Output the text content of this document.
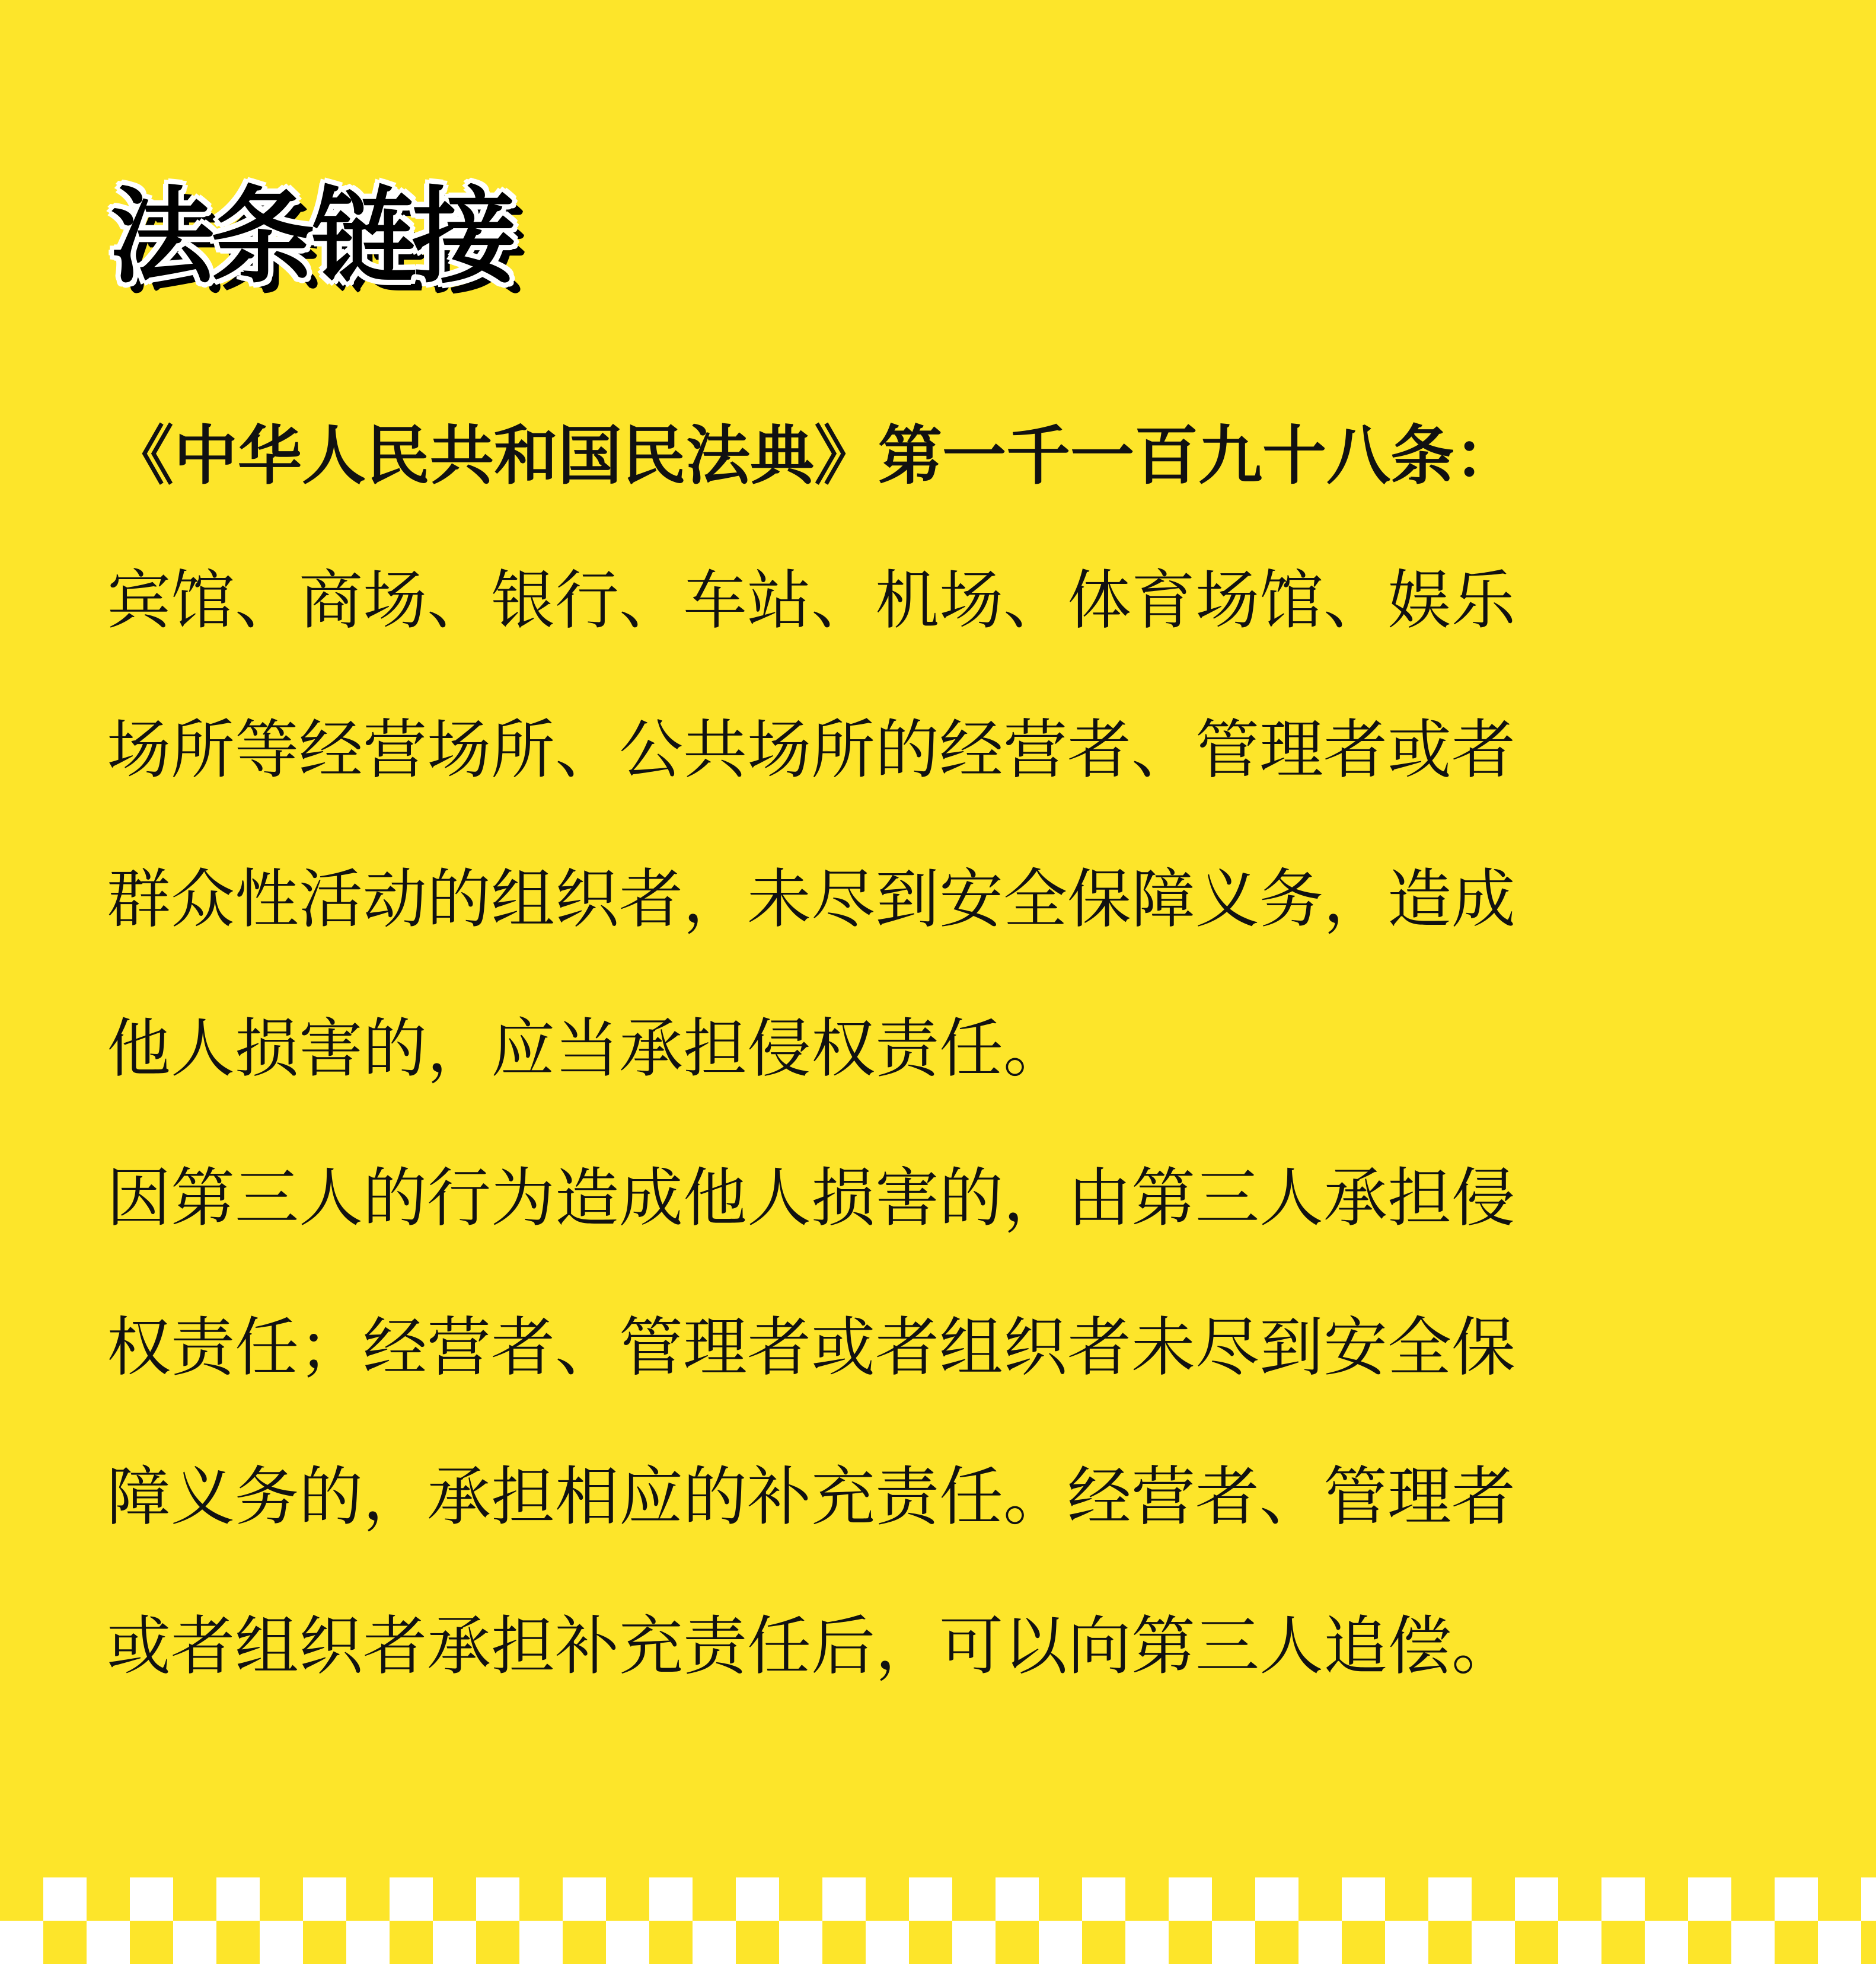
法条链接

《中华人民共和国民法典》第一千一百九十八条：

宾馆、商场、银行、车站、机场、体育场馆、娱乐
场所等经营场所、公共场所的经营者、管理者或者
群众性活动的组织者，未尽到安全保障义务，造成
他人损害的，应当承担侵权责任。

因第三人的行为造成他人损害的，由第三人承担侵
权责任；经营者、管理者或者组织者未尽到安全保
障义务的，承担相应的补充责任。经营者、管理者
或者组织者承担补充责任后，可以向第三人追偿。
